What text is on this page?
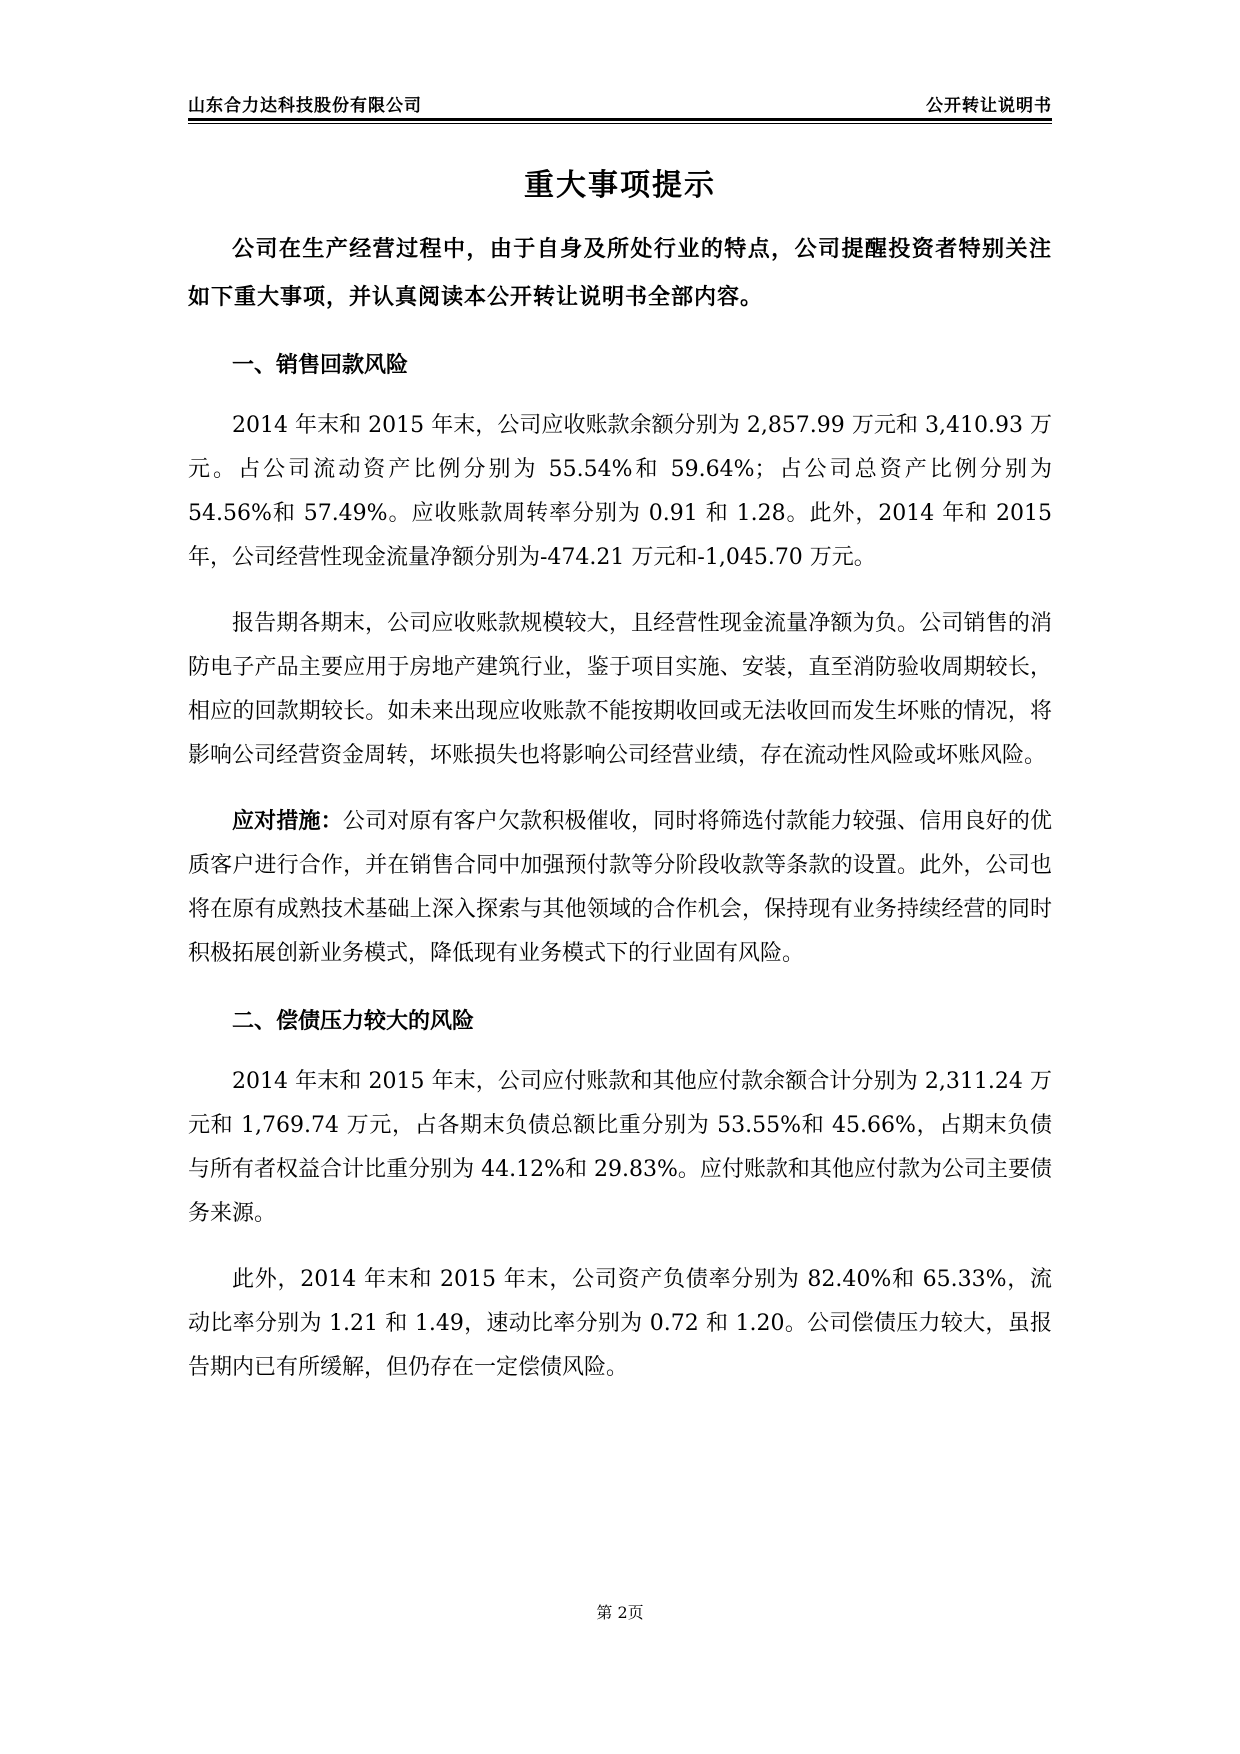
山东合力达科技股份有限公司	公开转让说明书
重大事项提示

公司在生产经营过程中，由于自身及所处行业的特点，公司提醒投资者特别关注如下重大事项，并认真阅读本公开转让说明书全部内容。

一、销售回款风险

2014 年末和 2015 年末，公司应收账款余额分别为 2,857.99 万元和 3,410.93 万元。占公司流动资产比例分别为 55.54%和 59.64%；占公司总资产比例分别为 54.56%和 57.49%。应收账款周转率分别为 0.91 和 1.28。此外，2014 年和 2015 年，公司经营性现金流量净额分别为-474.21 万元和-1,045.70 万元。

报告期各期末，公司应收账款规模较大，且经营性现金流量净额为负。公司销售的消防电子产品主要应用于房地产建筑行业，鉴于项目实施、安装，直至消防验收周期较长，相应的回款期较长。如未来出现应收账款不能按期收回或无法收回而发生坏账的情况，将影响公司经营资金周转，坏账损失也将影响公司经营业绩，存在流动性风险或坏账风险。

应对措施：公司对原有客户欠款积极催收，同时将筛选付款能力较强、信用良好的优质客户进行合作，并在销售合同中加强预付款等分阶段收款等条款的设置。此外，公司也将在原有成熟技术基础上深入探索与其他领域的合作机会，保持现有业务持续经营的同时积极拓展创新业务模式，降低现有业务模式下的行业固有风险。

二、偿债压力较大的风险

2014 年末和 2015 年末，公司应付账款和其他应付款余额合计分别为 2,311.24 万元和 1,769.74 万元，占各期末负债总额比重分别为 53.55%和 45.66%，占期末负债与所有者权益合计比重分别为 44.12%和 29.83%。应付账款和其他应付款为公司主要债务来源。

此外，2014 年末和 2015 年末，公司资产负债率分别为 82.40%和 65.33%，流动比率分别为 1.21 和 1.49，速动比率分别为 0.72 和 1.20。公司偿债压力较大，虽报告期内已有所缓解，但仍存在一定偿债风险。

第 2页
